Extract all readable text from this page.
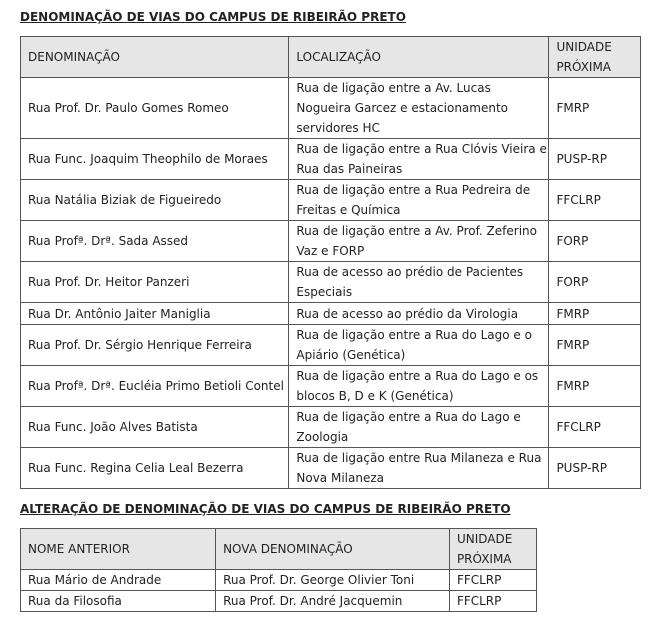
DENOMINAÇÃO DE VIAS DO CAMPUS DE RIBEIRÃO PRETO
DENOMINAÇÃO	LOCALIZAÇÃO	UNIDADE PRÓXIMA

Rua Prof. Dr. Paulo Gomes Romeo	Rua de ligação entre a Av. Lucas Nogueira Garcez e estacionamento servidores HC	FMRP
Rua Func. Joaquim Theophilo de Moraes	Rua de ligação entre a Rua Clóvis Vieira e Rua das Paineiras	PUSP-RP
Rua Natália Biziak de Figueiredo	Rua de ligação entre a Rua Pedreira de Freitas e Química	FFCLRP
Rua Profª. Drª. Sada Assed	Rua de ligação entre a Av. Prof. Zeferino Vaz e FORP	FORP
Rua Prof. Dr. Heitor Panzeri	Rua de acesso ao prédio de Pacientes Especiais	FORP
Rua Dr. Antônio Jaiter Maniglia	Rua de acesso ao prédio da Virologia	FMRP
Rua Prof. Dr. Sérgio Henrique Ferreira	Rua de ligação entre a Rua do Lago e o Apiário (Genética)	FMRP
Rua Profª. Drª. Eucléia Primo Betioli Contel	Rua de ligação entre a Rua do Lago e os blocos B, D e K (Genética)	FMRP
Rua Func. João Alves Batista	Rua de ligação entre a Rua do Lago e Zoologia	FFCLRP
Rua Func. Regina Celia Leal Bezerra	Rua de ligação entre Rua Milaneza e Rua Nova Milaneza	PUSP-RP
ALTERAÇÃO DE DENOMINAÇÃO DE VIAS DO CAMPUS DE RIBEIRÃO PRETO
NOME ANTERIOR	NOVA DENOMINAÇÃO	UNIDADE PRÓXIMA

Rua Mário de Andrade	Rua Prof. Dr. George Olivier Toni	FFCLRP
Rua da Filosofia	Rua Prof. Dr. André Jacquemin	FFCLRP
